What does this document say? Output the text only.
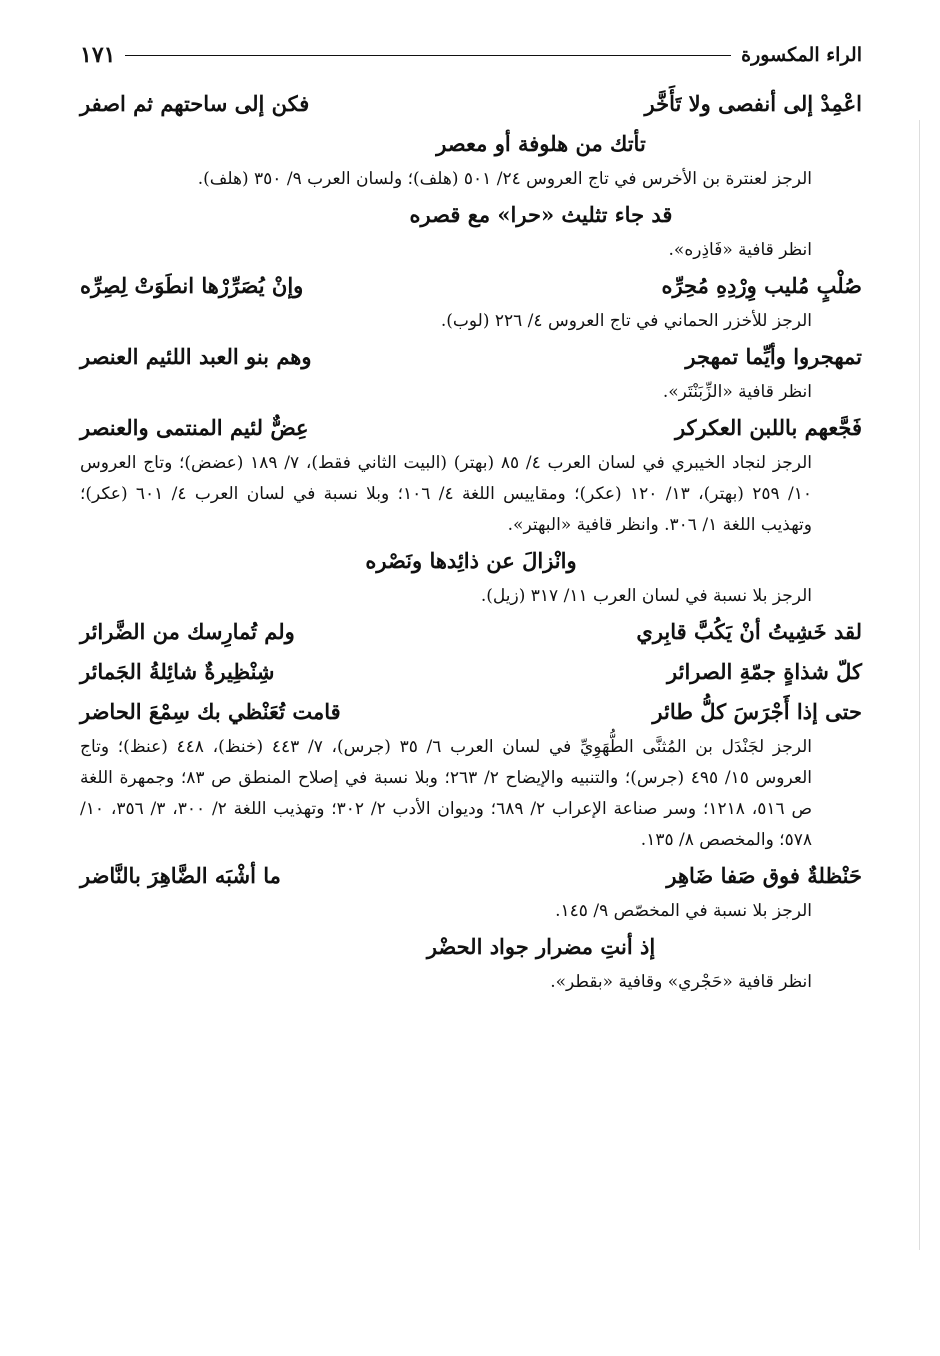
الراء المكسورة
١٧١
اعْمِدْ إلى أنفصى ولا تَأَخَّر
فكن إلى ساحتهم ثم اصفر
تأتك من هلوفة أو معصر
الرجز لعنترة بن الأخرس في تاج العروس ٢٤/ ٥٠١ (هلف)؛ ولسان العرب ٩/ ٣٥٠ (هلف).
قد جاء تثليث «حرا» مع قصره
انظر قافية «فَاذِره».
صُلْبٍ مُليب وِرْدِهِ مُحِرِّه
وإنْ يُصَرِّرْها انطَوَتْ لِصِرِّه
الرجز للأخزر الحماني في تاج العروس ٤/ ٢٢٦ (لوب).
تمهجروا وأيِّما تمهجر
وهم بنو العبد اللئيم العنصر
انظر قافية «الزِّبَنْتَر».
فَجَّعهم باللبن العكركر
عِضٌّ لئيم المنتمى والعنصر
الرجز لنجاد الخيبري في لسان العرب ٤/ ٨٥ (بهتر) (البيت الثاني فقط)، ٧/ ١٨٩ (عضض)؛ وتاج العروس ١٠/ ٢٥٩ (بهتر)، ١٣/ ١٢٠ (عكر)؛ ومقاييس اللغة ٤/ ١٠٦؛ وبلا نسبة في لسان العرب ٤/ ٦٠١ (عكر)؛ وتهذيب اللغة ١/ ٣٠٦. وانظر قافية «البهتر».
وانْزالَ عن ذائِدها ونَصْره
الرجز بلا نسبة في لسان العرب ١١/ ٣١٧ (زيل).
لقد خَشِيتُ أنْ يَكُبَّ قابِري
ولم تُمارِسك من الضَّرائر
كلّ شذاةٍ جمّةِ الصرائر
شِنْظِيرةٌ شائِلةُ الجَمائر
حتى إذا أَجْرَسَ كلُّ طائر
قامت تُعَنْظي بك سِمْعَ الحاضر
الرجز لجَنْدَل بن المُثنَّى الطُّهَوِيِّ في لسان العرب ٦/ ٣٥ (جرس)، ٧/ ٤٤٣ (خنظ)، ٤٤٨ (عنظ)؛ وتاج العروس ١٥/ ٤٩٥ (جرس)؛ والتنبيه والإيضاح ٢/ ٢٦٣؛ وبلا نسبة في إصلاح المنطق ص ٨٣؛ وجمهرة اللغة ص ٥١٦، ١٢١٨؛ وسر صناعة الإعراب ٢/ ٦٨٩؛ وديوان الأدب ٢/ ٣٠٢؛ وتهذيب اللغة ٢/ ٣٠٠، ٣/ ٣٥٦، ١٠/ ٥٧٨؛ والمخصص ٨/ ١٣٥.
حَنْظلةٌ فوق صَفا ضَاهِر
ما أشْبَه الضَّاهِرَ بالنَّاضر
الرجز بلا نسبة في المخصّص ٩/ ١٤٥.
إذ أنتِ مضرار جواد الحضْر
انظر قافية «حَجْري» وقافية «بقطر».
